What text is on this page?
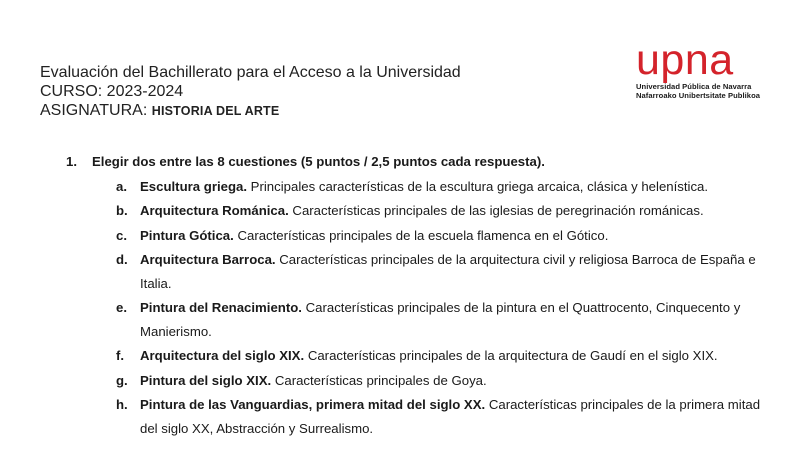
Evaluación del Bachillerato para el Acceso a la Universidad
CURSO: 2023-2024
ASIGNATURA: HISTORIA DEL ARTE
upna
Universidad Pública de Navarra
Nafarroako Unibertsitate Publikoa
1. Elegir dos entre las 8 cuestiones (5 puntos / 2,5 puntos cada respuesta).
a. Escultura griega. Principales características de la escultura griega arcaica, clásica y helenística.
b. Arquitectura Románica. Características principales de las iglesias de peregrinación románicas.
c. Pintura Gótica. Características principales de la escuela flamenca en el Gótico.
d. Arquitectura Barroca. Características principales de la arquitectura civil y religiosa Barroca de España e Italia.
e. Pintura del Renacimiento. Características principales de la pintura en el Quattrocento, Cinquecento y Manierismo.
f. Arquitectura del siglo XIX. Características principales de la arquitectura de Gaudí en el siglo XIX.
g. Pintura del siglo XIX. Características principales de Goya.
h. Pintura de las Vanguardias, primera mitad del siglo XX. Características principales de la primera mitad del siglo XX, Abstracción y Surrealismo.
